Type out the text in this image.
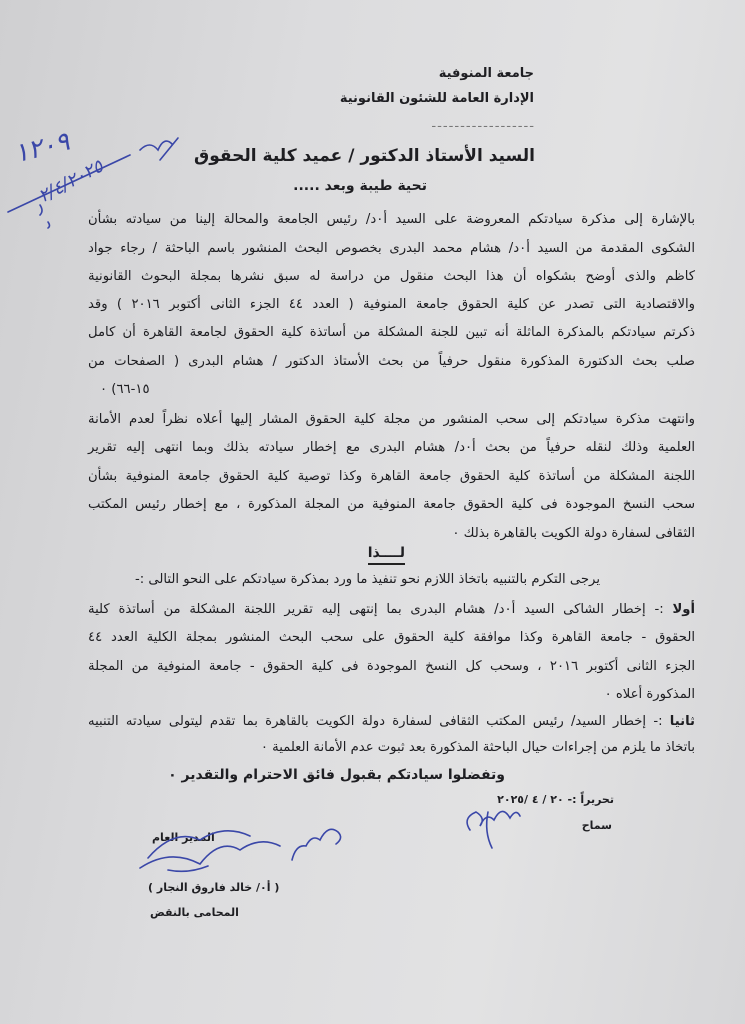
جامعة المنوفية
الإدارة العامة للشئون القانونية
------------------
السيد الأستاذ الدكتور / عميد كلية الحقوق
تحية طيبة وبعد .....
بالإشارة إلى مذكرة سيادتكم المعروضة على السيد أ٠د/ رئيس الجامعة والمحالة إلينا من سيادته بشأن
الشكوى المقدمة من السيد أ٠د/ هشام محمد البدرى بخصوص البحث المنشور باسم الباحثة / رجاء جواد
كاظم والذى أوضح بشكواه أن هذا البحث منقول من دراسة له سبق نشرها بمجلة البحوث القانونية
والاقتصادية التى تصدر عن كلية الحقوق جامعة المنوفية ( العدد ٤٤ الجزء الثانى أكتوبر ٢٠١٦ ) وقد
ذكرتم سيادتكم بالمذكرة الماثلة أنه تبين للجنة المشكلة من أساتذة كلية الحقوق لجامعة القاهرة أن كامل
صلب بحث الدكتورة المذكورة منقول حرفياً من بحث الأستاذ الدكتور / هشام البدرى ( الصفحات من
١٥-٦٦) ٠
وانتهت مذكرة سيادتكم إلى سحب المنشور من مجلة كلية الحقوق المشار إليها أعلاه نظراً لعدم الأمانة
العلمية وذلك لنقله حرفياً من بحث أ٠د/ هشام البدرى مع إخطار سيادته بذلك وبما انتهى إليه تقرير
اللجنة المشكلة من أساتذة كلية الحقوق جامعة القاهرة وكذا توصية كلية الحقوق جامعة المنوفية بشأن
سحب النسخ الموجودة فى كلية الحقوق جامعة المنوفية من المجلة المذكورة ، مع إخطار رئيس المكتب
الثقافى لسفارة دولة الكويت بالقاهرة بذلك ٠
لــــذا
يرجى التكرم بالتنبيه باتخاذ اللازم نحو تنفيذ ما ورد بمذكرة سيادتكم على النحو التالى :-
أولا :- إخطار الشاكى السيد أ٠د/ هشام البدرى بما إنتهى إليه تقرير اللجنة المشكلة من أساتذة كلية
الحقوق - جامعة القاهرة وكذا موافقة كلية الحقوق على سحب البحث المنشور بمجلة الكلية العدد ٤٤
الجزء الثانى أكتوبر ٢٠١٦ ، وسحب كل النسخ الموجودة فى كلية الحقوق - جامعة المنوفية من المجلة
المذكورة أعلاه ٠
ثانيا :- إخطار السيد/ رئيس المكتب الثقافى لسفارة دولة الكويت بالقاهرة بما تقدم ليتولى سيادته التنبيه
باتخاذ ما يلزم من إجراءات حيال الباحثة المذكورة بعد ثبوت عدم الأمانة العلمية ٠
وتفضلوا سيادتكم بقبول فائق الاحترام والتقدير ٠
تحريراً :- ٢٠ / ٤ /٢٠٢٥
سماح
المدير العام
( أ٠/ خالد فاروق النجار )
المحامى بالنقض
١٢٠٩
٢/٤/٢٠٢٥
